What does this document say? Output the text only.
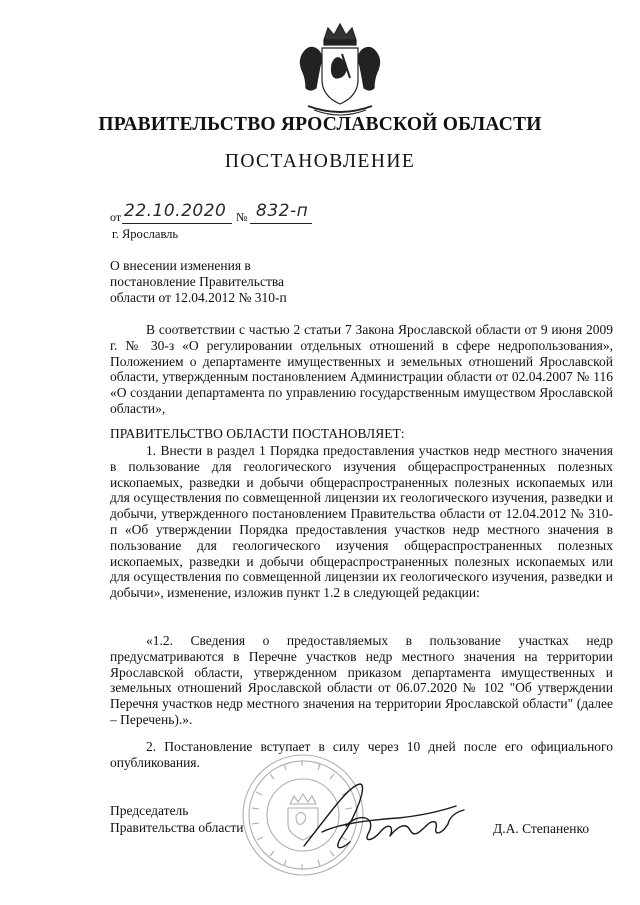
ПРАВИТЕЛЬСТВО ЯРОСЛАВСКОЙ ОБЛАСТИ
ПОСТАНОВЛЕНИЕ
от 22.10.2020 № 832-п
г. Ярославль
О внесении изменения в
постановление Правительства
области от 12.04.2012 № 310-п
В соответствии с частью 2 статьи 7 Закона Ярославской области от 9 июня 2009 г. № 30-з «О регулировании отдельных отношений в сфере недропользования», Положением о департаменте имущественных и земельных отношений Ярославской области, утвержденным постановлением Администрации области от 02.04.2007 № 116 «О создании департамента по управлению государственным имуществом Ярославской области»,
ПРАВИТЕЛЬСТВО ОБЛАСТИ ПОСТАНОВЛЯЕТ:
1. Внести в раздел 1 Порядка предоставления участков недр местного значения в пользование для геологического изучения общераспространенных полезных ископаемых, разведки и добычи общераспространенных полезных ископаемых или для осуществления по совмещенной лицензии их геологического изучения, разведки и добычи, утвержденного постановлением Правительства области от 12.04.2012 № 310-п «Об утверждении Порядка предоставления участков недр местного значения в пользование для геологического изучения общераспространенных полезных ископаемых, разведки и добычи общераспространенных полезных ископаемых или для осуществления по совмещенной лицензии их геологического изучения, разведки и добычи», изменение, изложив пункт 1.2 в следующей редакции:
«1.2. Сведения о предоставляемых в пользование участках недр предусматриваются в Перечне участков недр местного значения на территории Ярославской области, утвержденном приказом департамента имущественных и земельных отношений Ярославской области от 06.07.2020 № 102 "Об утверждении Перечня участков недр местного значения на территории Ярославской области" (далее – Перечень).».
2. Постановление вступает в силу через 10 дней после его официального опубликования.
Председатель
Правительства области	Д.А. Степаненко
